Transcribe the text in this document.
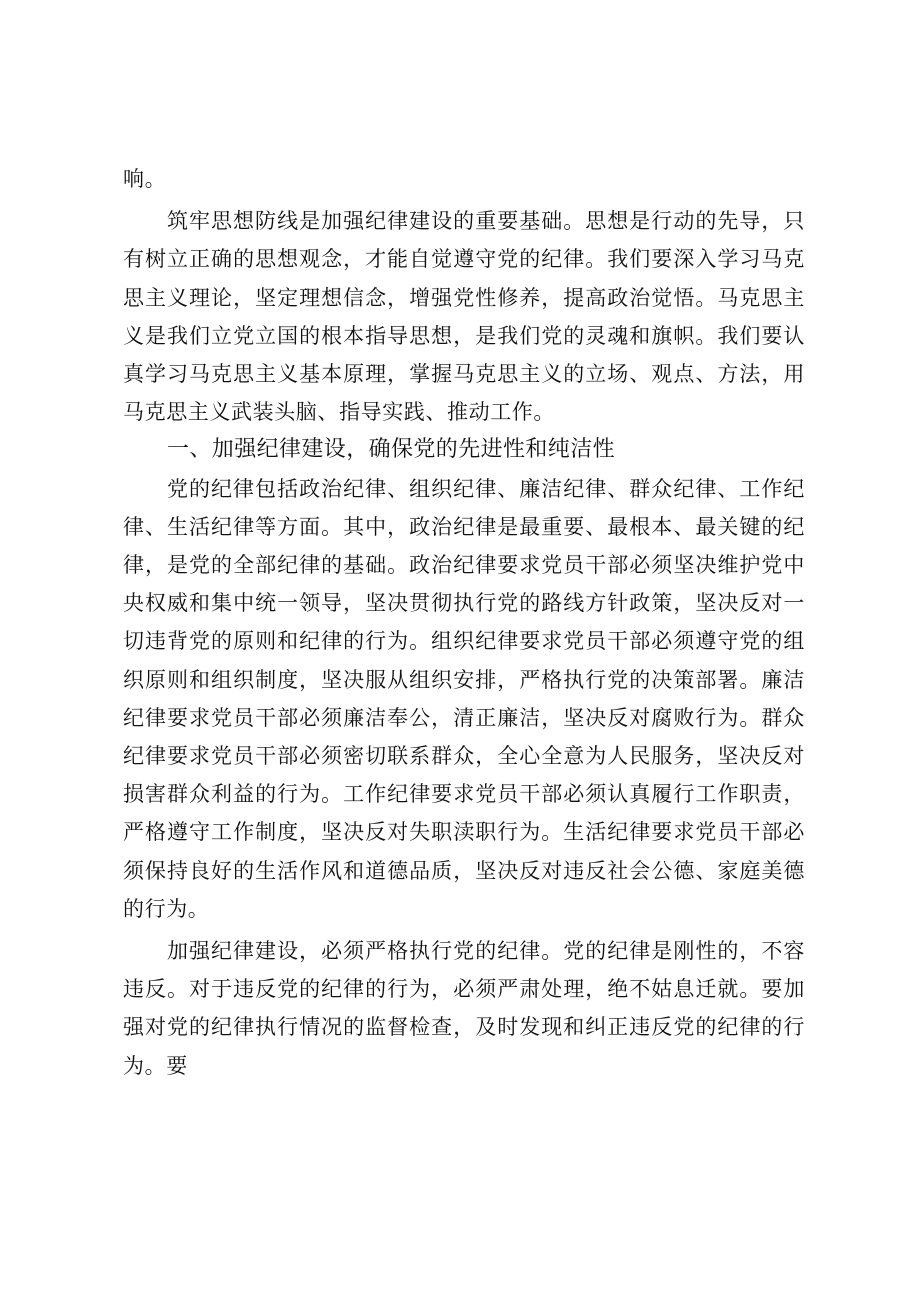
响。

筑牢思想防线是加强纪律建设的重要基础。思想是行动的先导，只有树立正确的思想观念，才能自觉遵守党的纪律。我们要深入学习马克思主义理论，坚定理想信念，增强党性修养，提高政治觉悟。马克思主义是我们立党立国的根本指导思想，是我们党的灵魂和旗帜。我们要认真学习马克思主义基本原理，掌握马克思主义的立场、观点、方法，用马克思主义武装头脑、指导实践、推动工作。

一、加强纪律建设，确保党的先进性和纯洁性

党的纪律包括政治纪律、组织纪律、廉洁纪律、群众纪律、工作纪律、生活纪律等方面。其中，政治纪律是最重要、最根本、最关键的纪律，是党的全部纪律的基础。政治纪律要求党员干部必须坚决维护党中央权威和集中统一领导，坚决贯彻执行党的路线方针政策，坚决反对一切违背党的原则和纪律的行为。组织纪律要求党员干部必须遵守党的组织原则和组织制度，坚决服从组织安排，严格执行党的决策部署。廉洁纪律要求党员干部必须廉洁奉公，清正廉洁，坚决反对腐败行为。群众纪律要求党员干部必须密切联系群众，全心全意为人民服务，坚决反对损害群众利益的行为。工作纪律要求党员干部必须认真履行工作职责，严格遵守工作制度，坚决反对失职渎职行为。生活纪律要求党员干部必须保持良好的生活作风和道德品质，坚决反对违反社会公德、家庭美德的行为。

加强纪律建设，必须严格执行党的纪律。党的纪律是刚性的，不容违反。对于违反党的纪律的行为，必须严肃处理，绝不姑息迁就。要加强对党的纪律执行情况的监督检查，及时发现和纠正违反党的纪律的行为。要
